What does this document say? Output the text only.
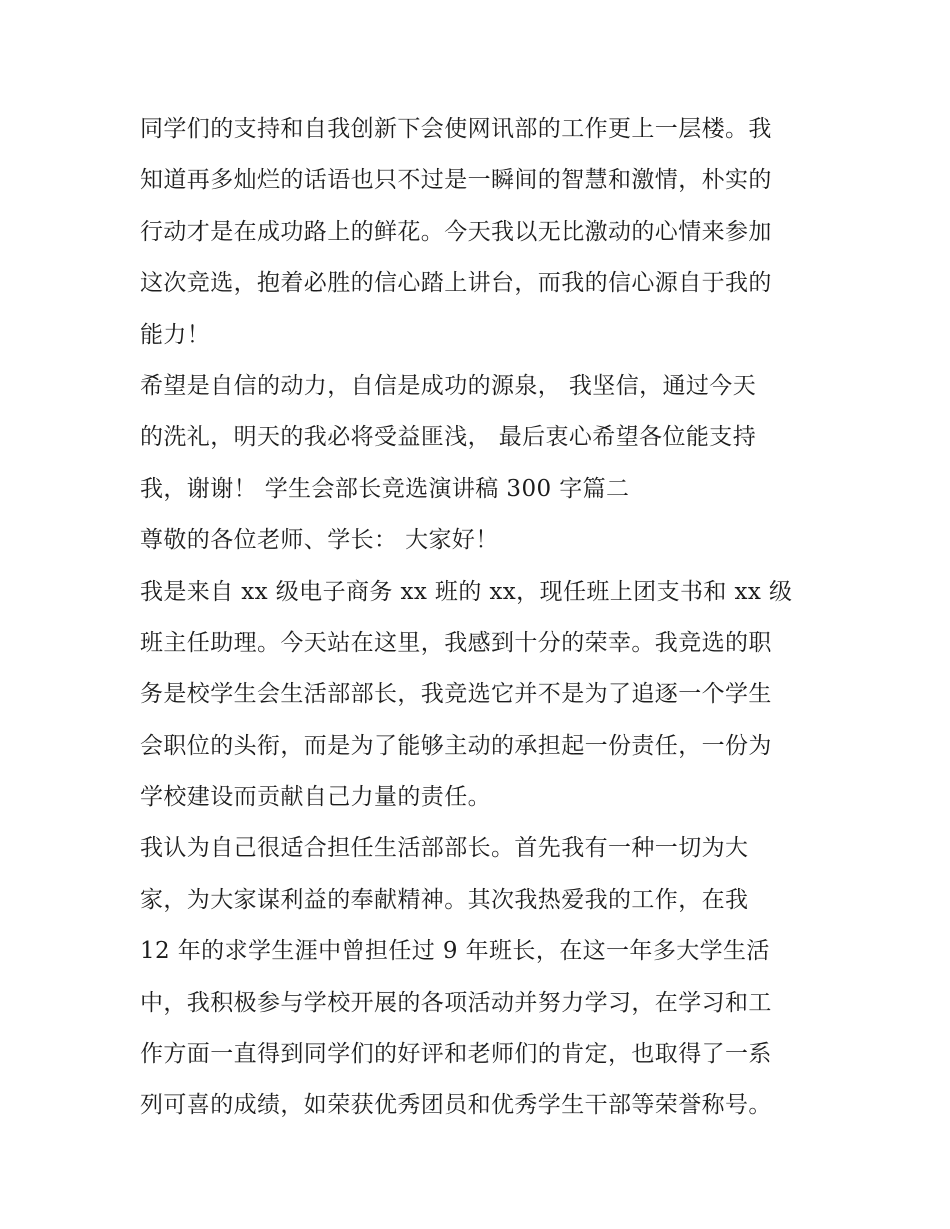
同学们的支持和自我创新下会使网讯部的工作更上一层楼。我
知道再多灿烂的话语也只不过是一瞬间的智慧和激情，朴实的
行动才是在成功路上的鲜花。今天我以无比激动的心情来参加
这次竞选，抱着必胜的信心踏上讲台，而我的信心源自于我的
能力！
希望是自信的动力，自信是成功的源泉， 我坚信，通过今天
的洗礼，明天的我必将受益匪浅， 最后衷心希望各位能支持
我，谢谢！ 学生会部长竞选演讲稿 300 字篇二
尊敬的各位老师、学长： 大家好！
我是来自 xx 级电子商务 xx 班的 xx，现任班上团支书和 xx 级
班主任助理。今天站在这里，我感到十分的荣幸。我竞选的职
务是校学生会生活部部长，我竞选它并不是为了追逐一个学生
会职位的头衔，而是为了能够主动的承担起一份责任，一份为
学校建设而贡献自己力量的责任。
我认为自己很适合担任生活部部长。首先我有一种一切为大
家，为大家谋利益的奉献精神。其次我热爱我的工作，在我
12 年的求学生涯中曾担任过 9 年班长，在这一年多大学生活
中，我积极参与学校开展的各项活动并努力学习，在学习和工
作方面一直得到同学们的好评和老师们的肯定，也取得了一系
列可喜的成绩，如荣获优秀团员和优秀学生干部等荣誉称号。
